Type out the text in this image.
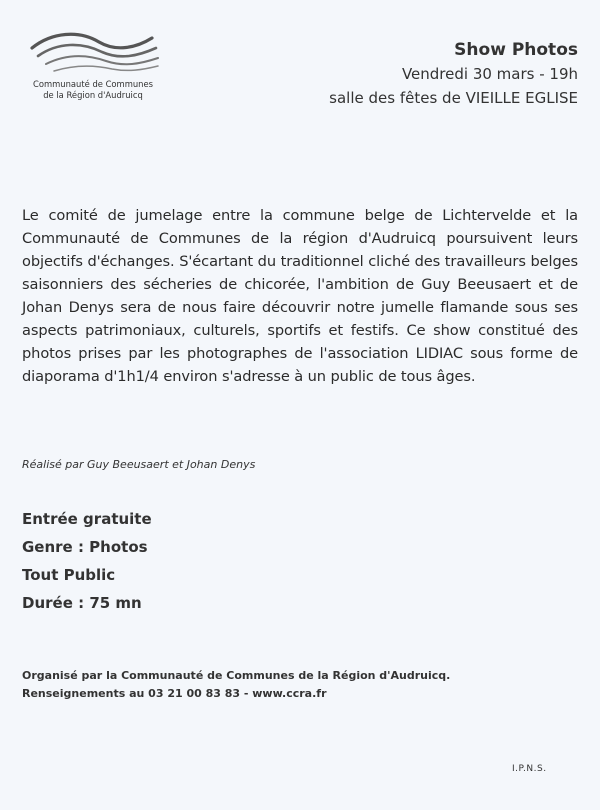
Communauté de Communes
de la Région d'Audruicq
Show Photos
Vendredi 30 mars - 19h
salle des fêtes de VIEILLE EGLISE
Le comité de jumelage entre la commune belge de Lichtervelde et la Communauté de Communes de la région d'Audruicq poursuivent leurs objectifs d'échanges. S'écartant du traditionnel cliché des travailleurs belges saisonniers des sécheries de chicorée, l'ambition de Guy Beeusaert et de Johan Denys sera de nous faire découvrir notre jumelle flamande sous ses aspects patrimoniaux, culturels, sportifs et festifs. Ce show constitué des photos prises par les photographes de l'association LIDIAC sous forme de diaporama d'1h1/4 environ s'adresse à un public de tous âges.
Réalisé par Guy Beeusaert et Johan Denys
Entrée gratuite
Genre : Photos
Tout Public
Durée : 75 mn
Organisé par la Communauté de Communes de la Région d'Audruicq.
Renseignements au 03 21 00 83 83 - www.ccra.fr
I.P.N.S.
